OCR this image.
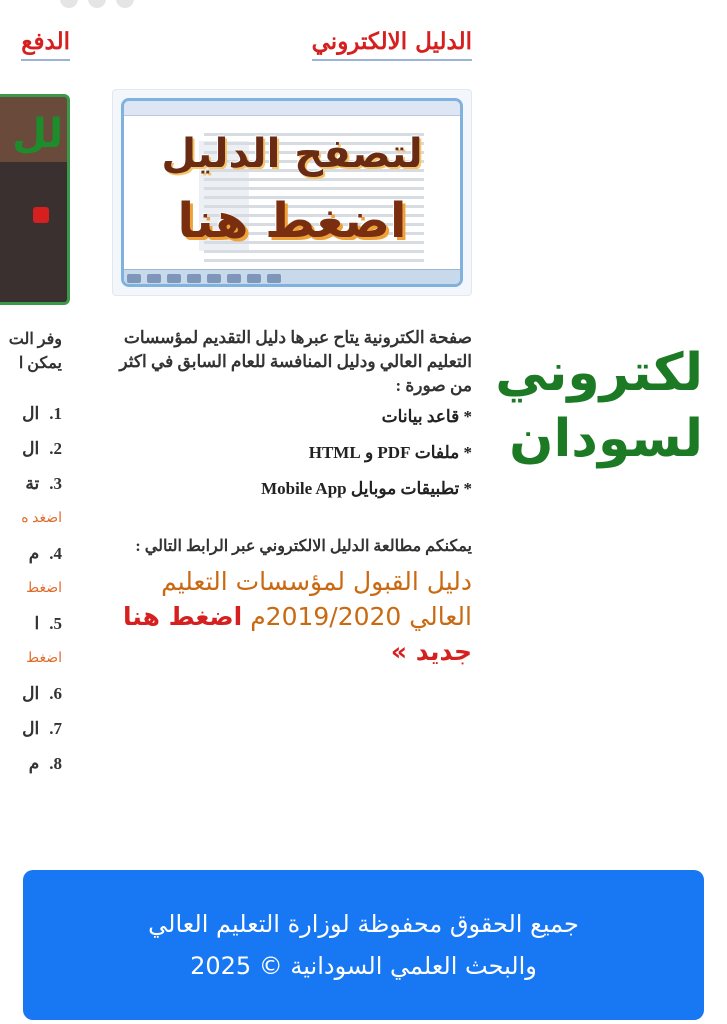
الدفع
لل
وفر الت
يمكن ا
1.
ال
2.
ال
3.
تة
اضغد ه
4.
م
اضغط
5.
ا
اضغط
6.
ال
7.
ال
8.
م
الدليل الالكتروني
لتصفح الدليل
اضغط هنا

صفحة الكترونية يتاح عبرها دليل التقديم لمؤسسات التعليم العالي ودليل المنافسة للعام السابق في اكثر من صورة :

* قاعد بيانات
* ملفات PDF و HTML
* تطبيقات موبايل Mobile App
يمكنكم مطالعة الدليل الالكتروني عبر الرابط التالي :
دليل القبول لمؤسسات التعليم العالي 2019/2020م اضغط هنا جديد »
لكتروني
لسودان

جميع الحقوق محفوظة لوزارة التعليم العالي

والبحث العلمي السودانية © 2025
